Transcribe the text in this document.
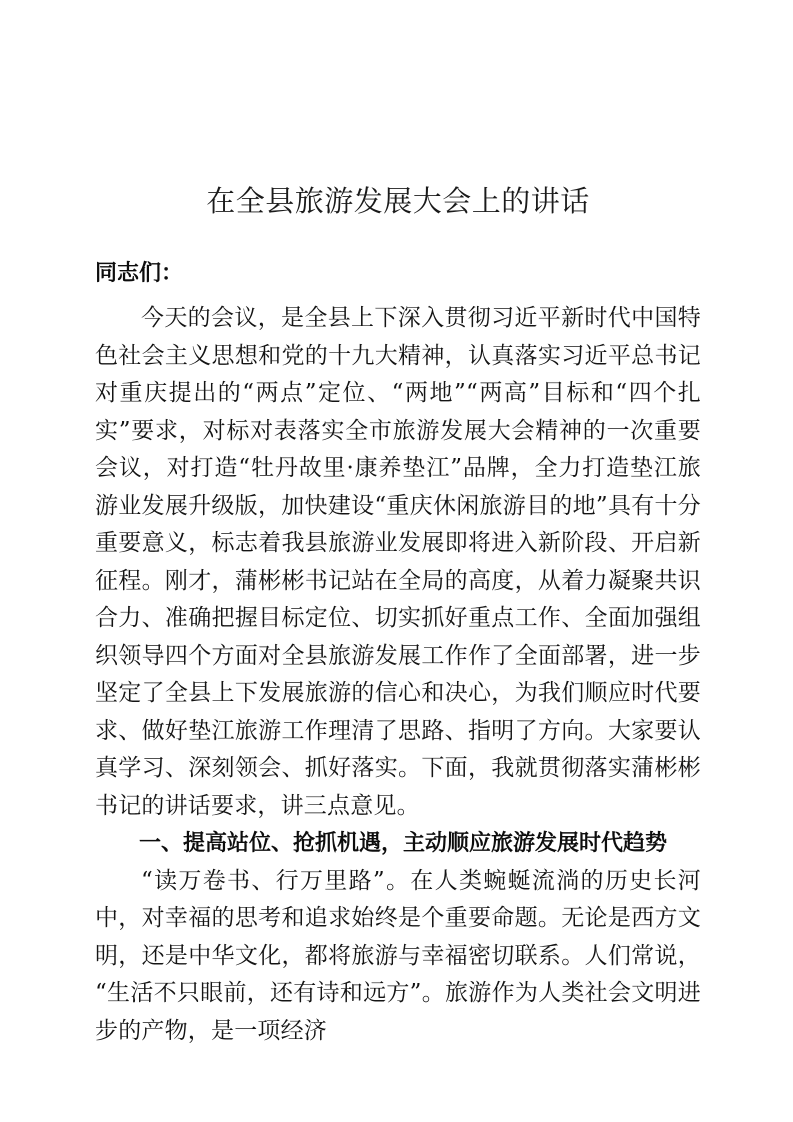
在全县旅游发展大会上的讲话

同志们：

今天的会议，是全县上下深入贯彻习近平新时代中国特色社会主义思想和党的十九大精神，认真落实习近平总书记对重庆提出的“两点”定位、“两地”“两高”目标和“四个扎实”要求，对标对表落实全市旅游发展大会精神的一次重要会议，对打造“牡丹故里·康养垫江”品牌，全力打造垫江旅游业发展升级版，加快建设“重庆休闲旅游目的地”具有十分重要意义，标志着我县旅游业发展即将进入新阶段、开启新征程。刚才，蒲彬彬书记站在全局的高度，从着力凝聚共识合力、准确把握目标定位、切实抓好重点工作、全面加强组织领导四个方面对全县旅游发展工作作了全面部署，进一步坚定了全县上下发展旅游的信心和决心，为我们顺应时代要求、做好垫江旅游工作理清了思路、指明了方向。大家要认真学习、深刻领会、抓好落实。下面，我就贯彻落实蒲彬彬书记的讲话要求，讲三点意见。

一、提高站位、抢抓机遇，主动顺应旅游发展时代趋势

“读万卷书、行万里路”。在人类蜿蜒流淌的历史长河中，对幸福的思考和追求始终是个重要命题。无论是西方文明，还是中华文化，都将旅游与幸福密切联系。人们常说，“生活不只眼前，还有诗和远方”。旅游作为人类社会文明进步的产物，是一项经济
